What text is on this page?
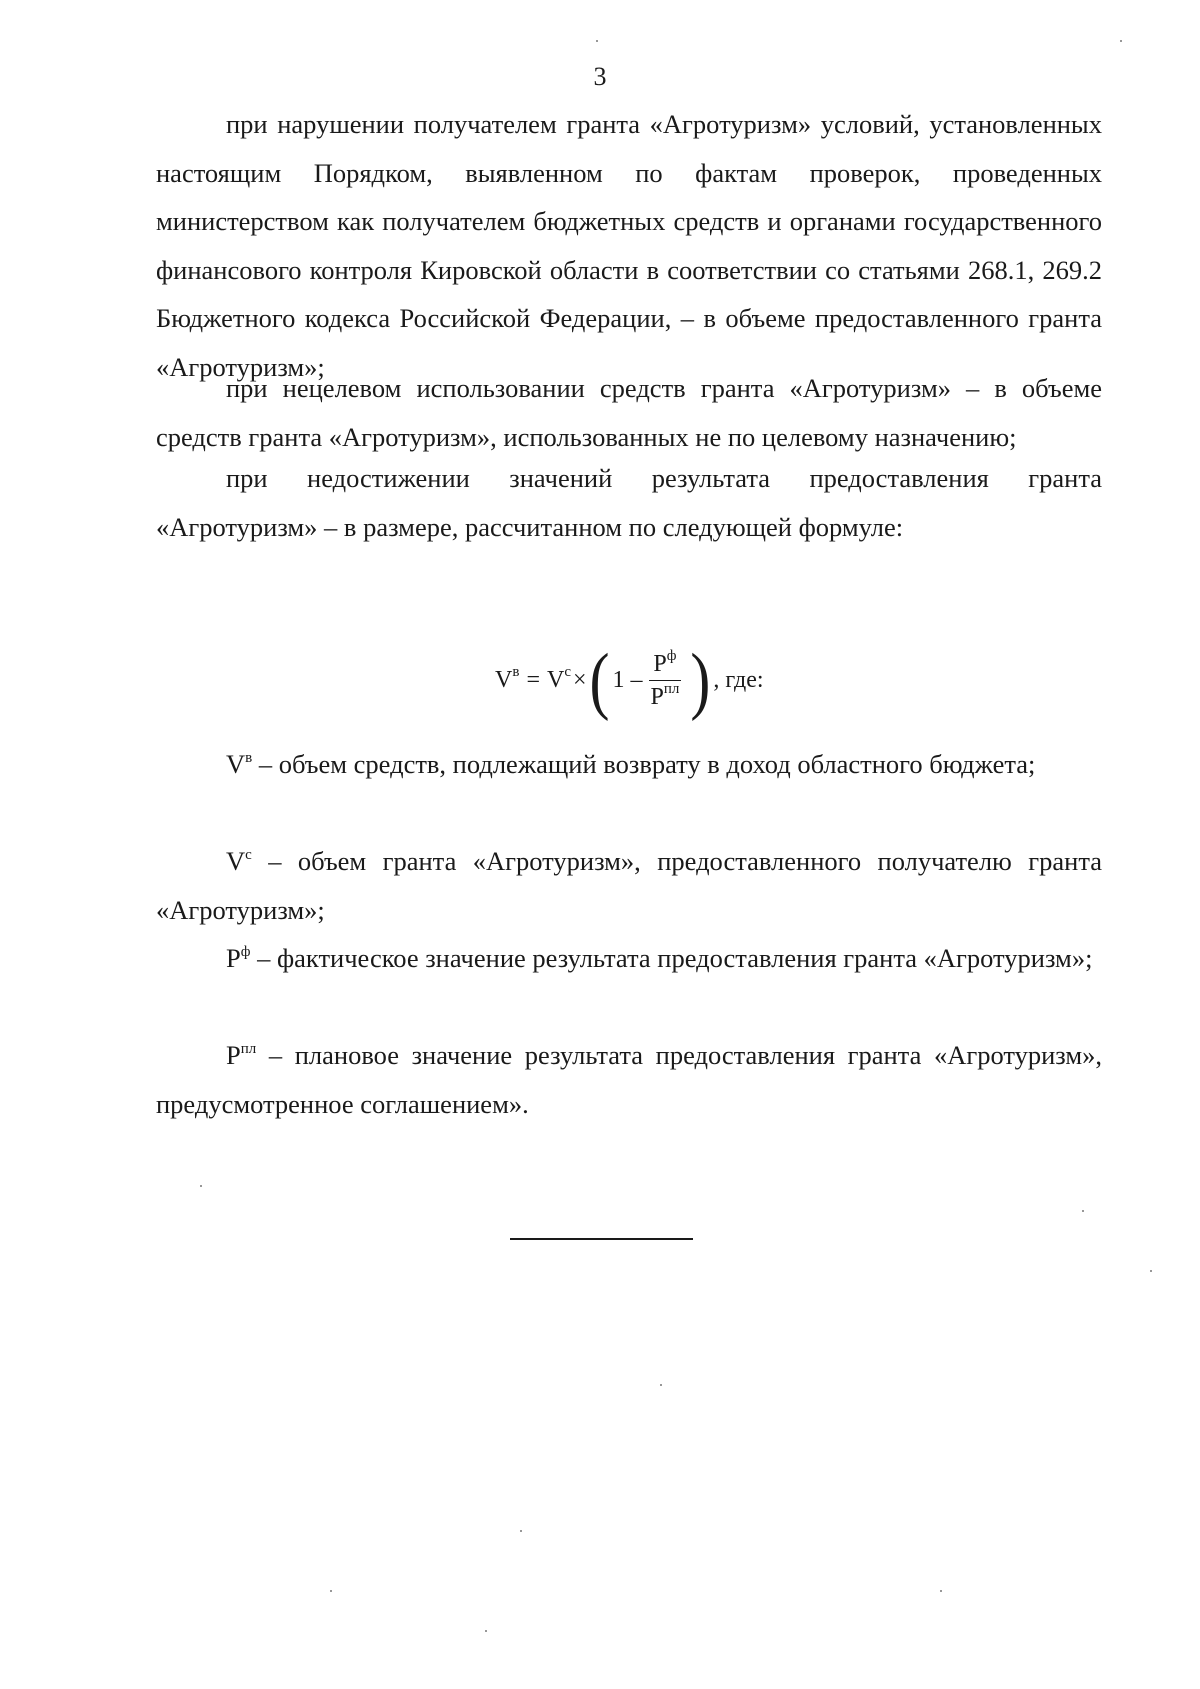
3

при нарушении получателем гранта «Агротуризм» условий, установленных настоящим Порядком, выявленном по фактам проверок, проведенных министерством как получателем бюджетных средств и органами государственного финансового контроля Кировской области в соответствии со статьями 268.1, 269.2 Бюджетного кодекса Российской Федерации, – в объеме предоставленного гранта «Агротуризм»;

при нецелевом использовании средств гранта «Агротуризм» – в объеме средств гранта «Агротуризм», использованных не по целевому назначению;

при недостижении значений результата предоставления гранта «Агротуризм» – в размере, рассчитанном по следующей формуле:

$V^в = V^с$ × ( $1 - \frac{P^ф}{P^{пл}}$ ) , где:

$V^в$ – объем средств, подлежащий возврату в доход областного бюджета;

$V^с$ – объем гранта «Агротуризм», предоставленного получателю гранта «Агротуризм»;

$P^ф$ – фактическое значение результата предоставления гранта «Агротуризм»;

$P^{пл}$ – плановое значение результата предоставления гранта «Агротуризм», предусмотренное соглашением».
